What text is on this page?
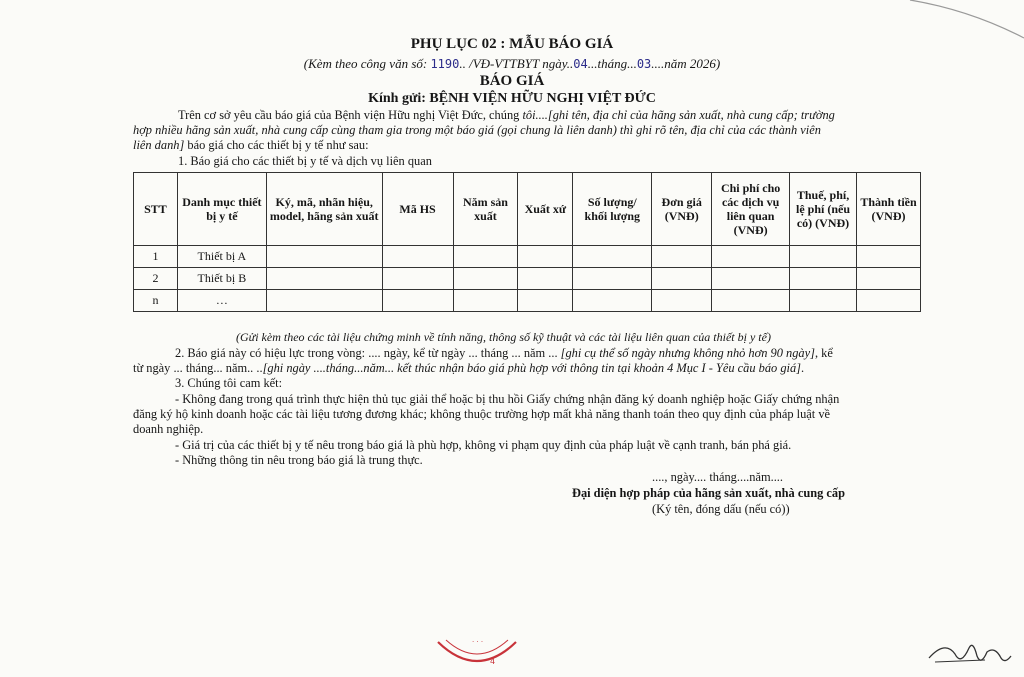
PHỤ LỤC 02 : MẪU BÁO GIÁ
(Kèm theo công văn số: 1190.. /VĐ-VTTBYT ngày..04...tháng...03....năm 2026)
BÁO GIÁ
Kính gửi: BỆNH VIỆN HỮU NGHỊ VIỆT ĐỨC
Trên cơ sở yêu cầu báo giá của Bệnh viện Hữu nghị Việt Đức, chúng tôi....[ghi tên, địa chỉ của hãng sản xuất, nhà cung cấp; trường
hợp nhiều hãng sản xuất, nhà cung cấp cùng tham gia trong một báo giá (gọi chung là liên danh) thì ghi rõ tên, địa chỉ của các thành viên
liên danh] báo giá cho các thiết bị y tế như sau:
1. Báo giá cho các thiết bị y tế và dịch vụ liên quan
STT	Danh mục thiết bị y tế	Ký, mã, nhãn hiệu, model, hãng sản xuất	Mã HS	Năm sản xuất	Xuất xứ	Số lượng/ khối lượng	Đơn giá (VNĐ)	Chi phí cho các dịch vụ liên quan (VNĐ)	Thuế, phí, lệ phí (nếu có) (VNĐ)	Thành tiền (VNĐ)
1	Thiết bị A									
2	Thiết bị B									
n	…									
(Gửi kèm theo các tài liệu chứng minh về tính năng, thông số kỹ thuật và các tài liệu liên quan của thiết bị y tế)
2. Báo giá này có hiệu lực trong vòng: .... ngày, kể từ ngày ... tháng ... năm ... [ghi cụ thể số ngày nhưng không nhỏ hơn 90 ngày], kể
từ ngày ... tháng... năm.. ..[ghi ngày ....tháng...năm... kết thúc nhận báo giá phù hợp với thông tin tại khoản 4 Mục I - Yêu cầu báo giá].
3. Chúng tôi cam kết:
- Không đang trong quá trình thực hiện thủ tục giải thể hoặc bị thu hồi Giấy chứng nhận đăng ký doanh nghiệp hoặc Giấy chứng nhận
đăng ký hộ kinh doanh hoặc các tài liệu tương đương khác; không thuộc trường hợp mất khả năng thanh toán theo quy định của pháp luật về
doanh nghiệp.
- Giá trị của các thiết bị y tế nêu trong báo giá là phù hợp, không vi phạm quy định của pháp luật về cạnh tranh, bán phá giá.
- Những thông tin nêu trong báo giá là trung thực.
...., ngày.... tháng....năm....
Đại diện hợp pháp của hãng sản xuất, nhà cung cấp
(Ký tên, đóng dấu (nếu có))
· · ·
4
